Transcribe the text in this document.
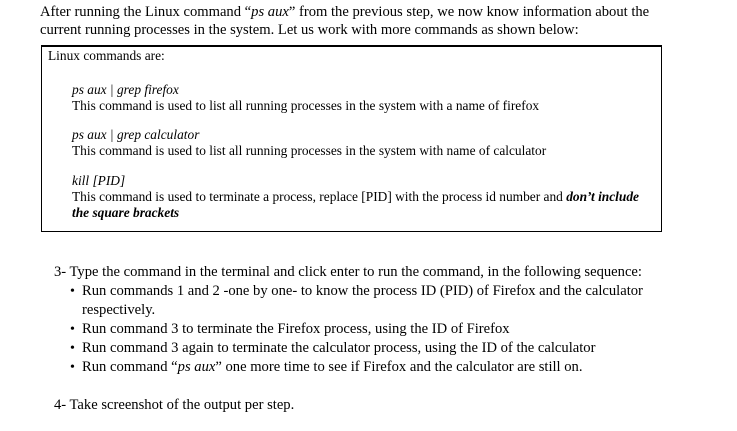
After running the Linux command “ps aux” from the previous step, we now know information about the
current running processes in the system. Let us work with more commands as shown below:
Linux commands are:
ps aux | grep firefox
This command is used to list all running processes in the system with a name of firefox
ps aux | grep calculator
This command is used to list all running processes in the system with name of calculator
kill [PID]
This command is used to terminate a process, replace [PID] with the process id number and don’t include the square brackets
3- Type the command in the terminal and click enter to run the command, in the following sequence:
• Run commands 1 and 2 -one by one- to know the process ID (PID) of Firefox and the calculator respectively.
• Run command 3 to terminate the Firefox process, using the ID of Firefox
• Run command 3 again to terminate the calculator process, using the ID of the calculator
• Run command “ps aux” one more time to see if Firefox and the calculator are still on.
4- Take screenshot of the output per step.
